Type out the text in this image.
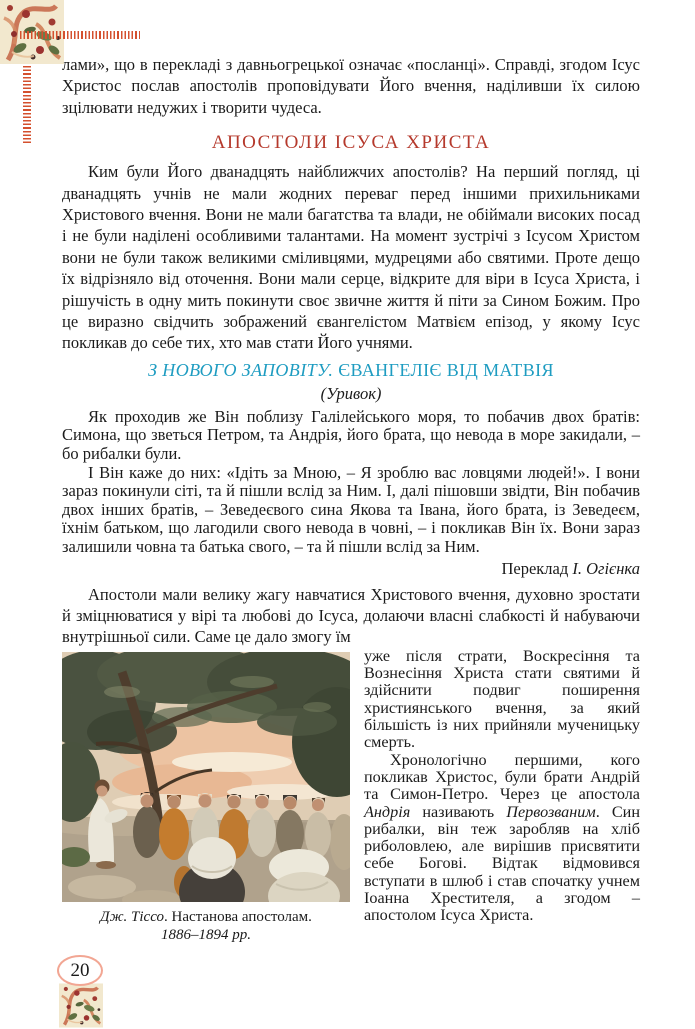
лами», що в перекладі з давньогрецької означає «посланці». Справді, згодом Ісус Христос послав апостолів проповідувати Його вчення, наділивши їх силою зцілювати недужих і творити чудеса.

АПОСТОЛИ ІСУСА ХРИСТА

Ким були Його дванадцять найближчих апостолів? На перший погляд, ці дванадцять учнів не мали жодних переваг перед іншими прихильниками Христового вчення. Вони не мали багатства та влади, не обіймали високих посад і не були наділені особливими талантами. На момент зустрічі з Ісусом Христом вони не були також великими сміливцями, мудрецями або святими. Проте дещо їх відрізняло від оточення. Вони мали серце, відкрите для віри в Ісуса Христа, і рішучість в одну мить покинути своє звичне життя й піти за Сином Божим. Про це виразно свідчить зображений євангелістом Матвієм епізод, у якому Ісус покликав до себе тих, хто мав стати Його учнями.

З НОВОГО ЗАПОВІТУ. ЄВАНГЕЛІЄ ВІД МАТВІЯ
(Уривок)

Як проходив же Він поблизу Галілейського моря, то побачив двох братів: Симона, що зветься Петром, та Андрія, його брата, що невода в море закидали, – бо рибалки були.

І Він каже до них: «Ідіть за Мною, – Я зроблю вас ловцями людей!». І вони зараз покинули сіті, та й пішли вслід за Ним. І, далі пішовши звідти, Він побачив двох інших братів, – Зеведеєвого сина Якова та Івана, його брата, із Зеведеєм, їхнім батьком, що лагодили свого невода в човні, – і покликав Він їх. Вони зараз залишили човна та батька свого, – та й пішли вслід за Ним.

Переклад І. Огієнка

Апостоли мали велику жагу навчатися Христового вчення, духовно зростати й зміцнюватися у вірі та любові до Ісуса, долаючи власні слабкості й набуваючи внутрішньої сили. Саме це дало змогу їм

Дж. Тіссо. Настанова апостолам.
1886–1894 рр.

уже після страти, Воскресіння та Вознесіння Христа стати святими й здійснити подвиг поширення християнського вчення, за який більшість із них прийняли мученицьку смерть.

Хронологічно першими, кого покликав Христос, були брати Андрій та Симон-Петро. Через це апостола Андрія називають Первозваним. Син рибалки, він теж заробляв на хліб риболовлею, але вирішив присвятити себе Богові. Відтак відмовився вступати в шлюб і став спочатку учнем Іоанна Хрестителя, а згодом – апостолом Ісуса Христа.

20
